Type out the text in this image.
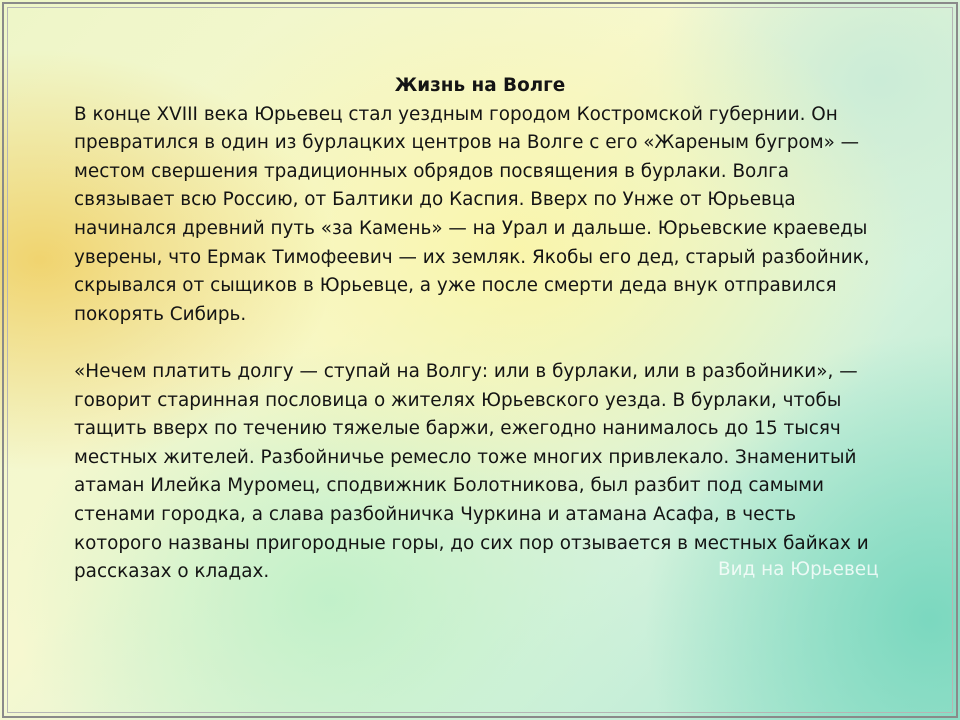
Вид на Юрьевец

Жизнь на Волге

В конце XVIII века Юрьевец стал уездным городом Костромской губернии. Он превратился в один из бурлацких центров на Волге с его «Жареным бугром» — местом свершения традиционных обрядов посвящения в бурлаки. Волга связывает всю Россию, от Балтики до Каспия. Вверх по Унже от Юрьевца начинался древний путь «за Камень» — на Урал и дальше. Юрьевские краеведы уверены, что Ермак Тимофеевич — их земляк. Якобы его дед, старый разбойник, скрывался от сыщиков в Юрьевце, а уже после смерти деда внук отправился покорять Сибирь.

«Нечем платить долгу — ступай на Волгу: или в бурлаки, или в разбойники», — говорит старинная пословица о жителях Юрьевского уезда. В бурлаки, чтобы тащить вверх по течению тяжелые баржи, ежегодно нанималось до 15 тысяч местных жителей. Разбойничье ремесло тоже многих привлекало. Знаменитый атаман Илейка Муромец, сподвижник Болотникова, был разбит под самыми стенами городка, а слава разбойничка Чуркина и атамана Асафа, в честь которого названы пригородные горы, до сих пор отзывается в местных байках и рассказах о кладах.
